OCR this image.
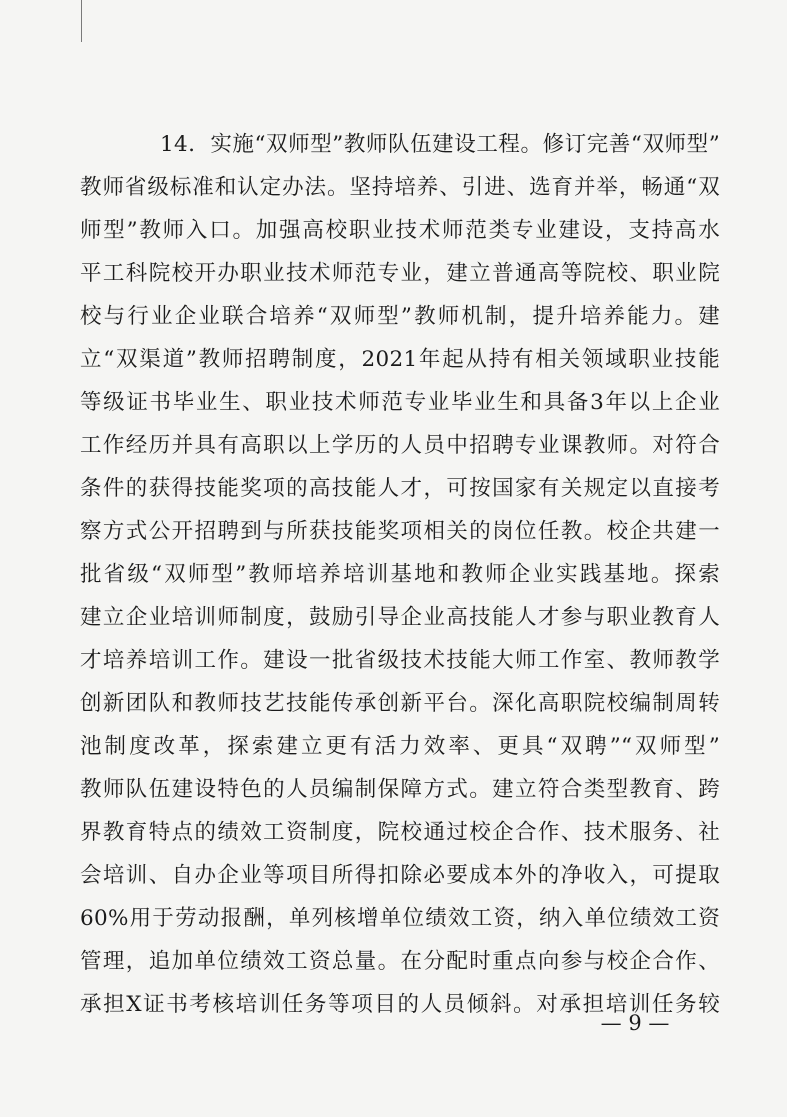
14．实施“双师型”教师队伍建设工程。修订完善“双师型”
教师省级标准和认定办法。坚持培养、引进、选育并举，畅通“双
师型”教师入口。加强高校职业技术师范类专业建设，支持高水
平工科院校开办职业技术师范专业，建立普通高等院校、职业院
校与行业企业联合培养“双师型”教师机制，提升培养能力。建
立“双渠道”教师招聘制度，2021年起从持有相关领域职业技能
等级证书毕业生、职业技术师范专业毕业生和具备3年以上企业
工作经历并具有高职以上学历的人员中招聘专业课教师。对符合
条件的获得技能奖项的高技能人才，可按国家有关规定以直接考
察方式公开招聘到与所获技能奖项相关的岗位任教。校企共建一
批省级“双师型”教师培养培训基地和教师企业实践基地。探索
建立企业培训师制度，鼓励引导企业高技能人才参与职业教育人
才培养培训工作。建设一批省级技术技能大师工作室、教师教学
创新团队和教师技艺技能传承创新平台。深化高职院校编制周转
池制度改革，探索建立更有活力效率、更具“双聘”“双师型”
教师队伍建设特色的人员编制保障方式。建立符合类型教育、跨
界教育特点的绩效工资制度，院校通过校企合作、技术服务、社
会培训、自办企业等项目所得扣除必要成本外的净收入，可提取
60%用于劳动报酬，单列核增单位绩效工资，纳入单位绩效工资
管理，追加单位绩效工资总量。在分配时重点向参与校企合作、
承担X证书考核培训任务等项目的人员倾斜。对承担培训任务较
— 9 —
